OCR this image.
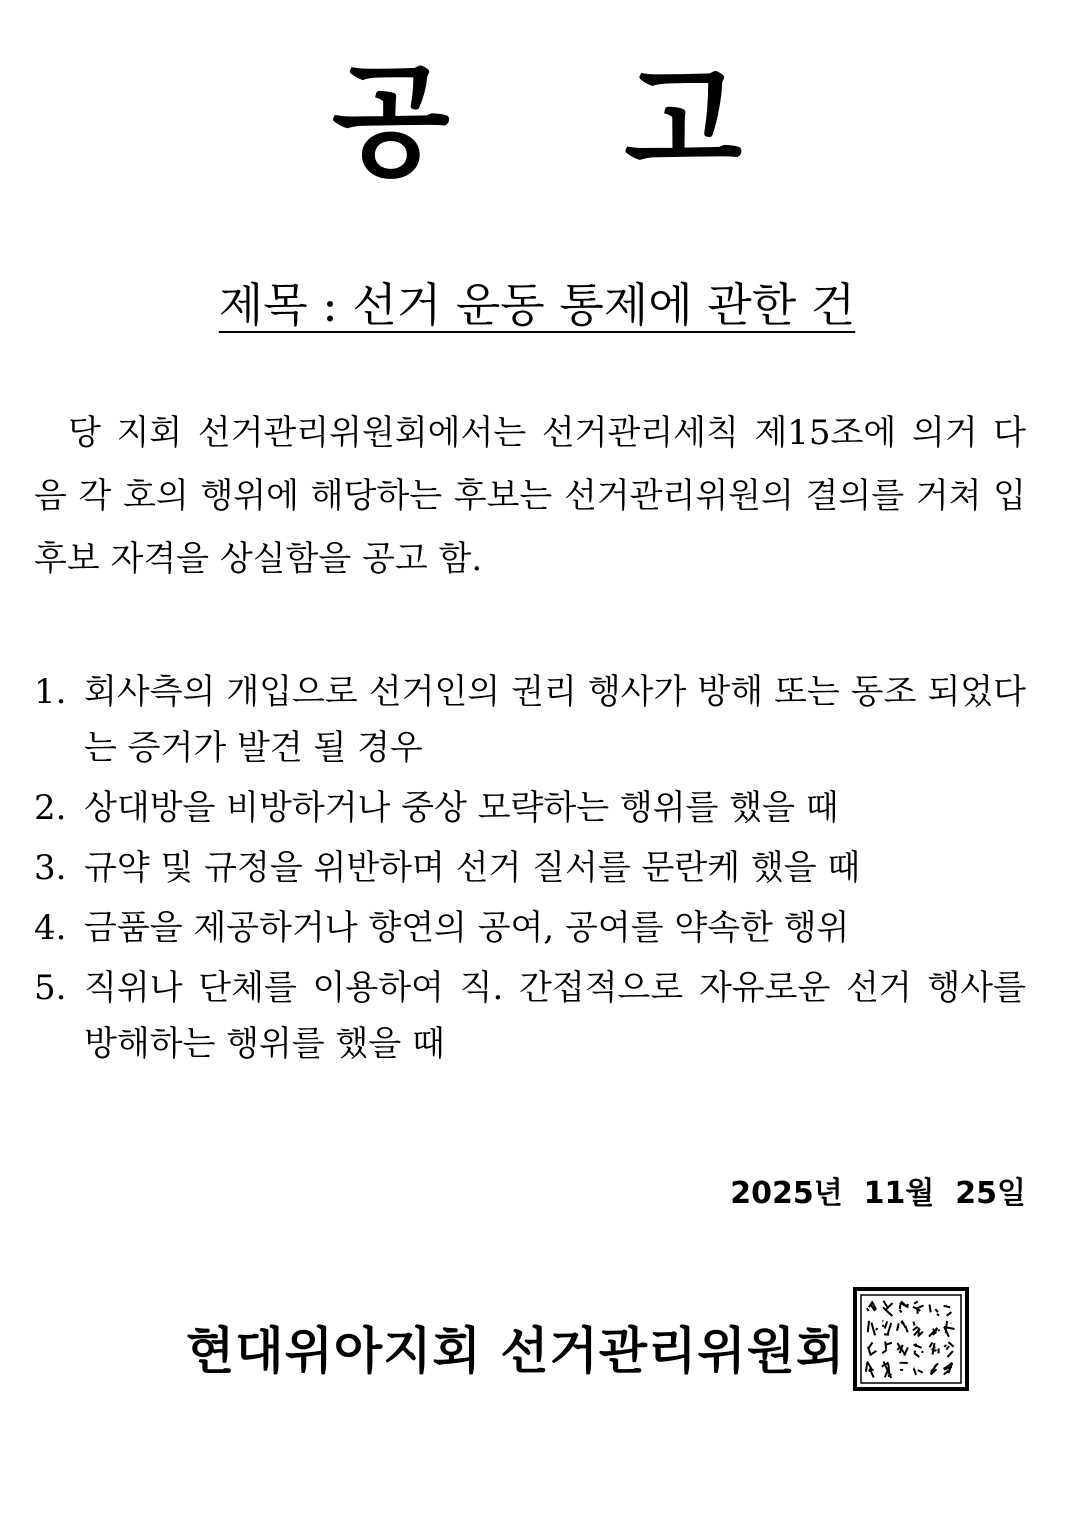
공 고

제목 : 선거 운동 통제에 관한 건

당 지회 선거관리위원회에서는 선거관리세칙 제15조에 의거 다음 각 호의 행위에 해당하는 후보는 선거관리위원의 결의를 거쳐 입후보 자격을 상실함을 공고 함.

1. 회사측의 개입으로 선거인의 권리 행사가 방해 또는 동조 되었다는 증거가 발견 될 경우
2. 상대방을 비방하거나 중상 모략하는 행위를 했을 때
3. 규약 및 규정을 위반하며 선거 질서를 문란케 했을 때
4. 금품을 제공하거나 향연의 공여, 공여를 약속한 행위
5. 직위나 단체를 이용하여 직. 간접적으로 자유로운 선거 행사를 방해하는 행위를 했을 때

2025년  11월  25일

현대위아지회 선거관리위원회
